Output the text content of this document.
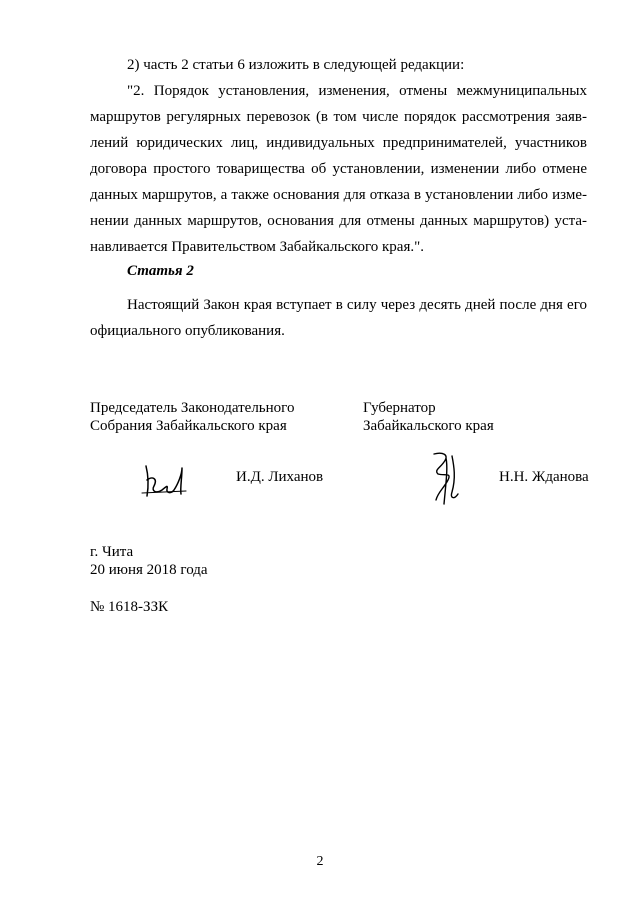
2) часть 2 статьи 6 изложить в следующей редакции:

"2. Порядок установления, изменения, отмены межмуниципальных
маршрутов регулярных перевозок (в том числе порядок рассмотрения заяв-
лений юридических лиц, индивидуальных предпринимателей, участников
договора простого товарищества об установлении, изменении либо отмене
данных маршрутов, а также основания для отказа в установлении либо изме-
нении данных маршрутов, основания для отмены данных маршрутов) уста-
навливается Правительством Забайкальского края.".

Статья 2

Настоящий Закон края вступает в силу через десять дней после дня его
официального опубликования.

Председатель Законодательного
Собрания Забайкальского края
Губернатор
Забайкальского края
И.Д. Лиханов	Н.Н. Жданова
г. Чита
20 июня 2018 года
№ 1618-ЗЗК
2
